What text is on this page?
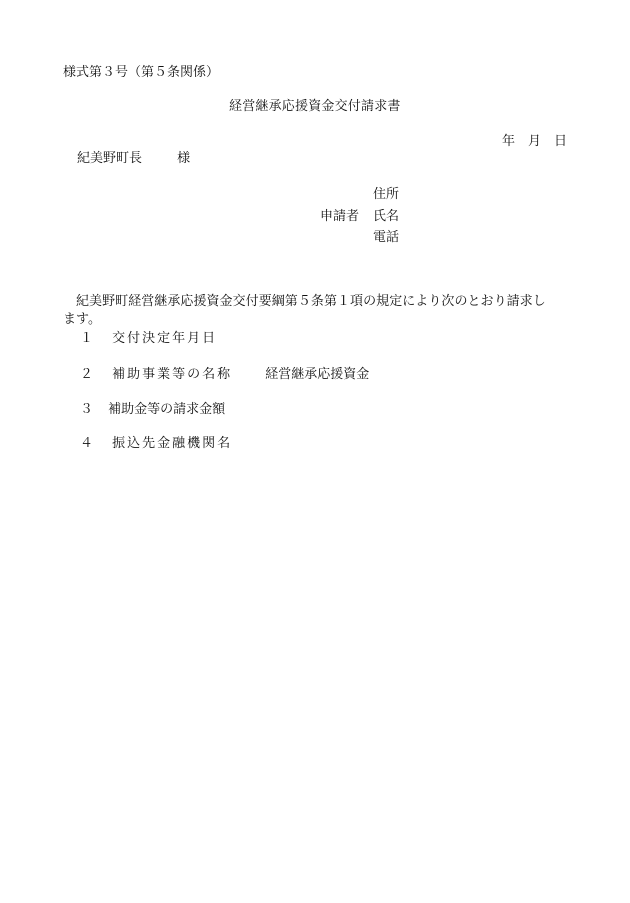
様式第３号（第５条関係）
経営継承応援資金交付請求書
年　月　日
紀美野町長	様
住所
申請者 氏名
電話

紀美野町経営継承応援資金交付要綱第５条第１項の規定により次のとおり請求します。

１ 交付決定年月日
２ 補助事業等の名称	経営継承応援資金
３ 補助金等の請求金額
４ 振込先金融機関名
